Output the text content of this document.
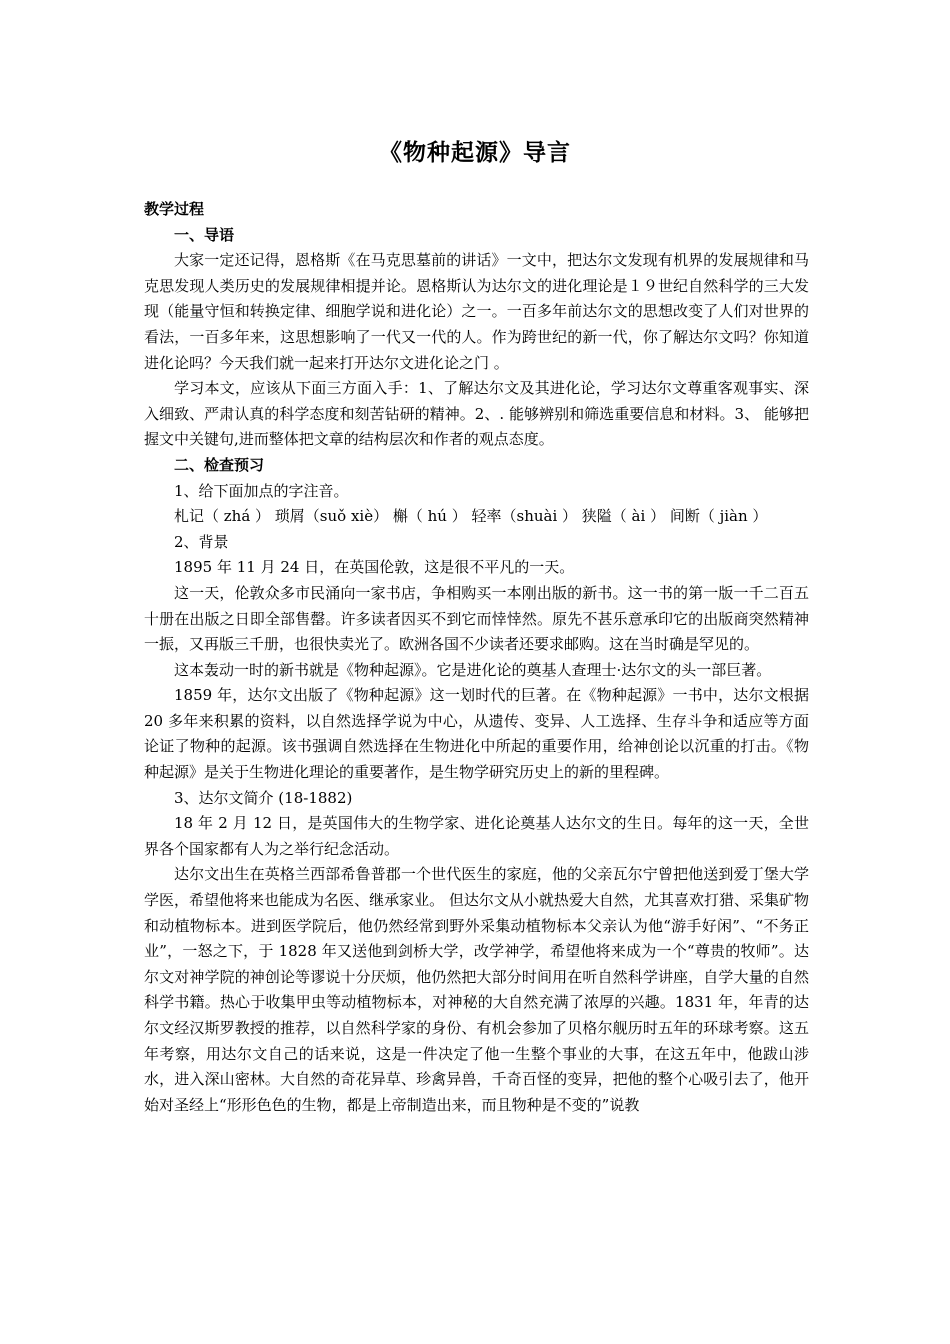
《物种起源》导言

教学过程

一、导语

大家一定还记得，恩格斯《在马克思墓前的讲话》一文中，把达尔文发现有机界的发展规律和马克思发现人类历史的发展规律相提并论。恩格斯认为达尔文的进化理论是１９世纪自然科学的三大发现（能量守恒和转换定律、细胞学说和进化论）之一。一百多年前达尔文的思想改变了人们对世界的看法，一百多年来，这思想影响了一代又一代的人。作为跨世纪的新一代，你了解达尔文吗？你知道进化论吗？今天我们就一起来打开达尔文进化论之门 。

学习本文，应该从下面三方面入手：1、了解达尔文及其进化论，学习达尔文尊重客观事实、深入细致、严肃认真的科学态度和刻苦钻研的精神。2、. 能够辨别和筛选重要信息和材料。3、 能够把握文中关键句,进而整体把文章的结构层次和作者的观点态度。

二、检查预习

1、给下面加点的字注音。

札记（ zhá ） 琐屑（suǒ xiè） 槲（ hú ） 轻率（shuài ） 狭隘（ ài ） 间断（ jiàn ）

2、背景

1895 年 11 月 24 日，在英国伦敦，这是很不平凡的一天。

这一天，伦敦众多市民涌向一家书店，争相购买一本刚出版的新书。这一书的第一版一千二百五十册在出版之日即全部售罄。许多读者因买不到它而悻悻然。原先不甚乐意承印它的出版商突然精神一振，又再版三千册，也很快卖光了。欧洲各国不少读者还要求邮购。这在当时确是罕见的。

这本轰动一时的新书就是《物种起源》。它是进化论的奠基人查理士·达尔文的头一部巨著。

1859 年，达尔文出版了《物种起源》这一划时代的巨著。在《物种起源》一书中，达尔文根据 20 多年来积累的资料，以自然选择学说为中心，从遗传、变异、人工选择、生存斗争和适应等方面论证了物种的起源。该书强调自然选择在生物进化中所起的重要作用，给神创论以沉重的打击。《物种起源》是关于生物进化理论的重要著作，是生物学研究历史上的新的里程碑。

3、达尔文简介 (18-1882)

18 年 2 月 12 日，是英国伟大的生物学家、进化论奠基人达尔文的生日。每年的这一天，全世界各个国家都有人为之举行纪念活动。

达尔文出生在英格兰西部希鲁普郡一个世代医生的家庭，他的父亲瓦尔宁曾把他送到爱丁堡大学学医，希望他将来也能成为名医、继承家业。 但达尔文从小就热爱大自然，尤其喜欢打猎、采集矿物和动植物标本。进到医学院后，他仍然经常到野外采集动植物标本父亲认为他“游手好闲”、“不务正业”，一怒之下，于 1828 年又送他到剑桥大学，改学神学，希望他将来成为一个“尊贵的牧师”。达尔文对神学院的神创论等谬说十分厌烦，他仍然把大部分时间用在听自然科学讲座，自学大量的自然科学书籍。热心于收集甲虫等动植物标本，对神秘的大自然充满了浓厚的兴趣。1831 年，年青的达尔文经汉斯罗教授的推荐，以自然科学家的身份、有机会参加了贝格尔舰历时五年的环球考察。这五年考察，用达尔文自己的话来说，这是一件决定了他一生整个事业的大事，在这五年中，他跋山涉水，进入深山密林。大自然的奇花异草、珍禽异兽，千奇百怪的变异，把他的整个心吸引去了，他开始对圣经上“形形色色的生物，都是上帝制造出来，而且物种是不变的”说教
